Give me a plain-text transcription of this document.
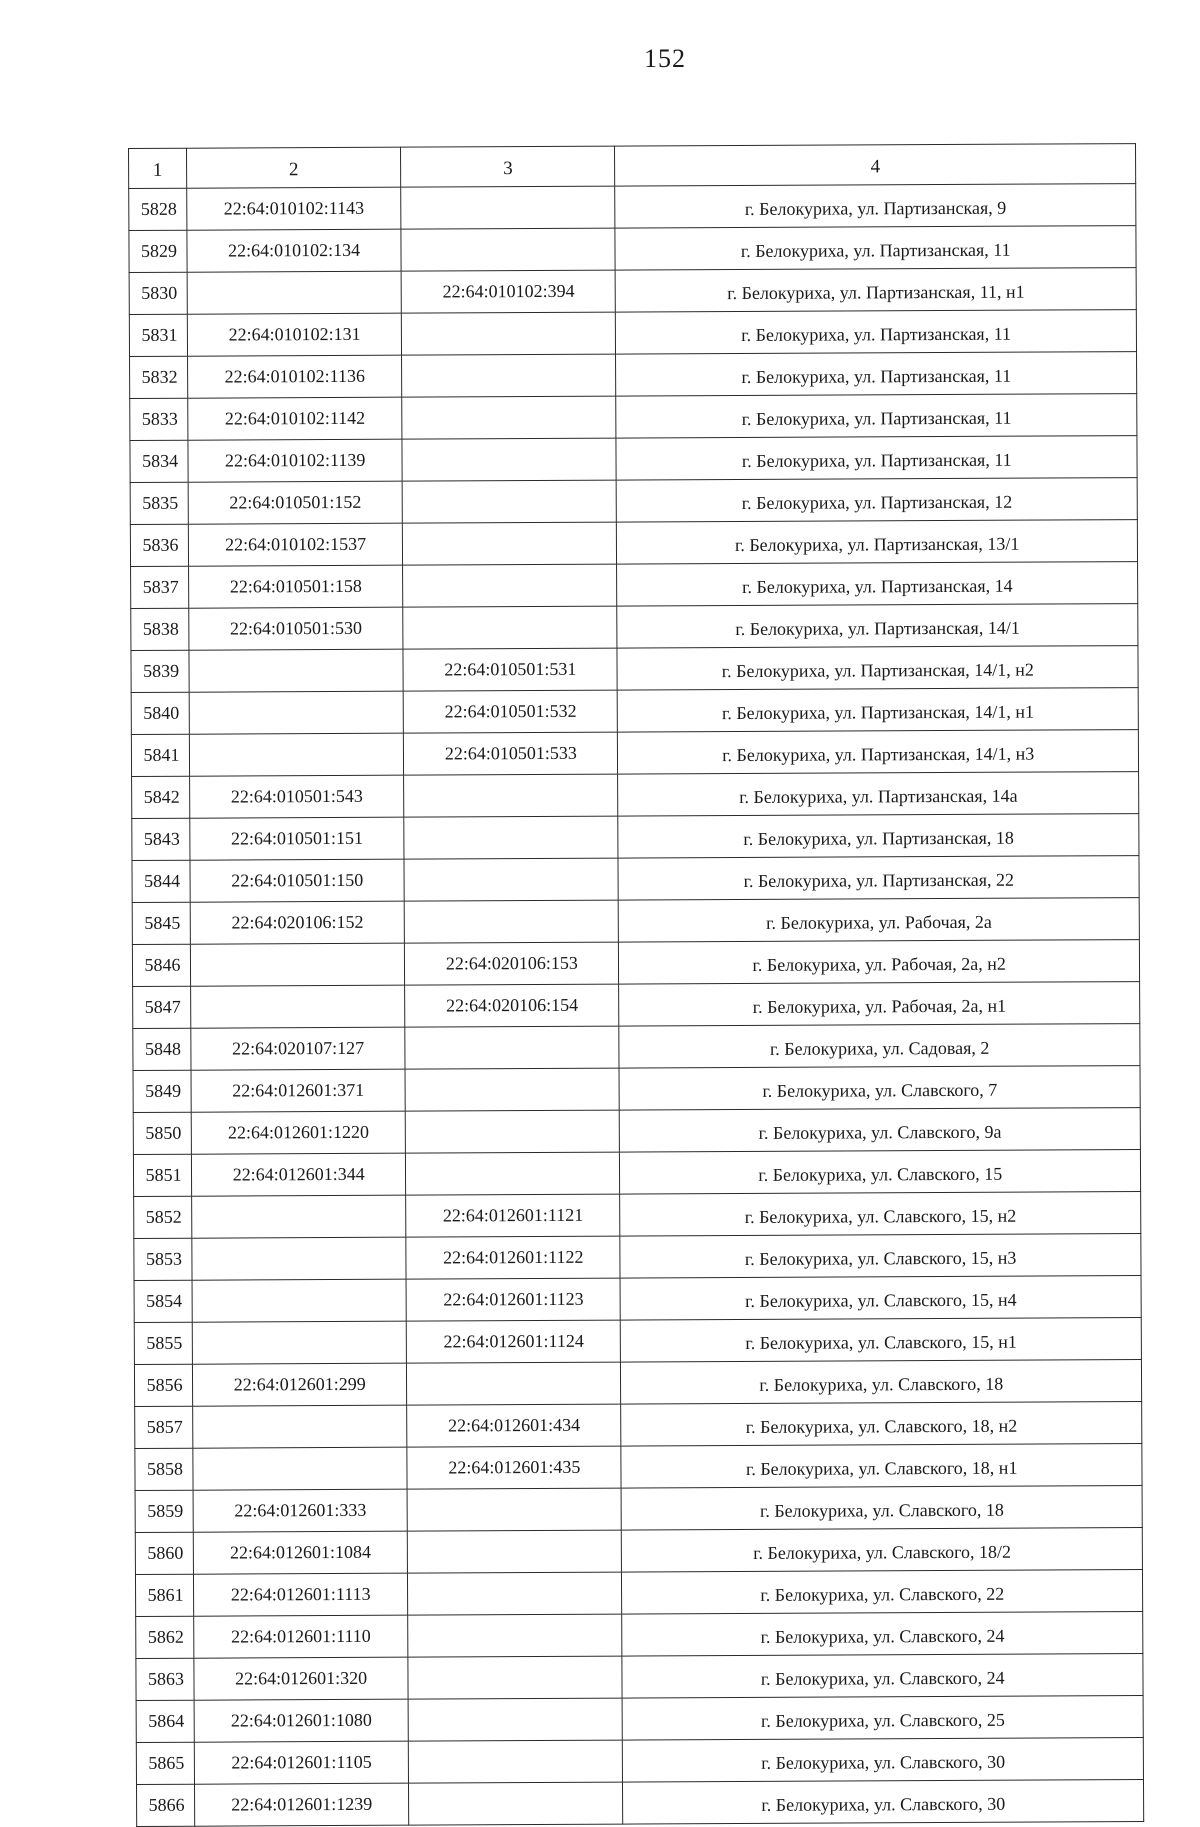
152
1	2	3	4
5828	22:64:010102:1143		г. Белокуриха, ул. Партизанская, 9
5829	22:64:010102:134		г. Белокуриха, ул. Партизанская, 11
5830		22:64:010102:394	г. Белокуриха, ул. Партизанская, 11, н1
5831	22:64:010102:131		г. Белокуриха, ул. Партизанская, 11
5832	22:64:010102:1136		г. Белокуриха, ул. Партизанская, 11
5833	22:64:010102:1142		г. Белокуриха, ул. Партизанская, 11
5834	22:64:010102:1139		г. Белокуриха, ул. Партизанская, 11
5835	22:64:010501:152		г. Белокуриха, ул. Партизанская, 12
5836	22:64:010102:1537		г. Белокуриха, ул. Партизанская, 13/1
5837	22:64:010501:158		г. Белокуриха, ул. Партизанская, 14
5838	22:64:010501:530		г. Белокуриха, ул. Партизанская, 14/1
5839		22:64:010501:531	г. Белокуриха, ул. Партизанская, 14/1, н2
5840		22:64:010501:532	г. Белокуриха, ул. Партизанская, 14/1, н1
5841		22:64:010501:533	г. Белокуриха, ул. Партизанская, 14/1, н3
5842	22:64:010501:543		г. Белокуриха, ул. Партизанская, 14а
5843	22:64:010501:151		г. Белокуриха, ул. Партизанская, 18
5844	22:64:010501:150		г. Белокуриха, ул. Партизанская, 22
5845	22:64:020106:152		г. Белокуриха, ул. Рабочая, 2а
5846		22:64:020106:153	г. Белокуриха, ул. Рабочая, 2а, н2
5847		22:64:020106:154	г. Белокуриха, ул. Рабочая, 2а, н1
5848	22:64:020107:127		г. Белокуриха, ул. Садовая, 2
5849	22:64:012601:371		г. Белокуриха, ул. Славского, 7
5850	22:64:012601:1220		г. Белокуриха, ул. Славского, 9а
5851	22:64:012601:344		г. Белокуриха, ул. Славского, 15
5852		22:64:012601:1121	г. Белокуриха, ул. Славского, 15, н2
5853		22:64:012601:1122	г. Белокуриха, ул. Славского, 15, н3
5854		22:64:012601:1123	г. Белокуриха, ул. Славского, 15, н4
5855		22:64:012601:1124	г. Белокуриха, ул. Славского, 15, н1
5856	22:64:012601:299		г. Белокуриха, ул. Славского, 18
5857		22:64:012601:434	г. Белокуриха, ул. Славского, 18, н2
5858		22:64:012601:435	г. Белокуриха, ул. Славского, 18, н1
5859	22:64:012601:333		г. Белокуриха, ул. Славского, 18
5860	22:64:012601:1084		г. Белокуриха, ул. Славского, 18/2
5861	22:64:012601:1113		г. Белокуриха, ул. Славского, 22
5862	22:64:012601:1110		г. Белокуриха, ул. Славского, 24
5863	22:64:012601:320		г. Белокуриха, ул. Славского, 24
5864	22:64:012601:1080		г. Белокуриха, ул. Славского, 25
5865	22:64:012601:1105		г. Белокуриха, ул. Славского, 30
5866	22:64:012601:1239		г. Белокуриха, ул. Славского, 30
